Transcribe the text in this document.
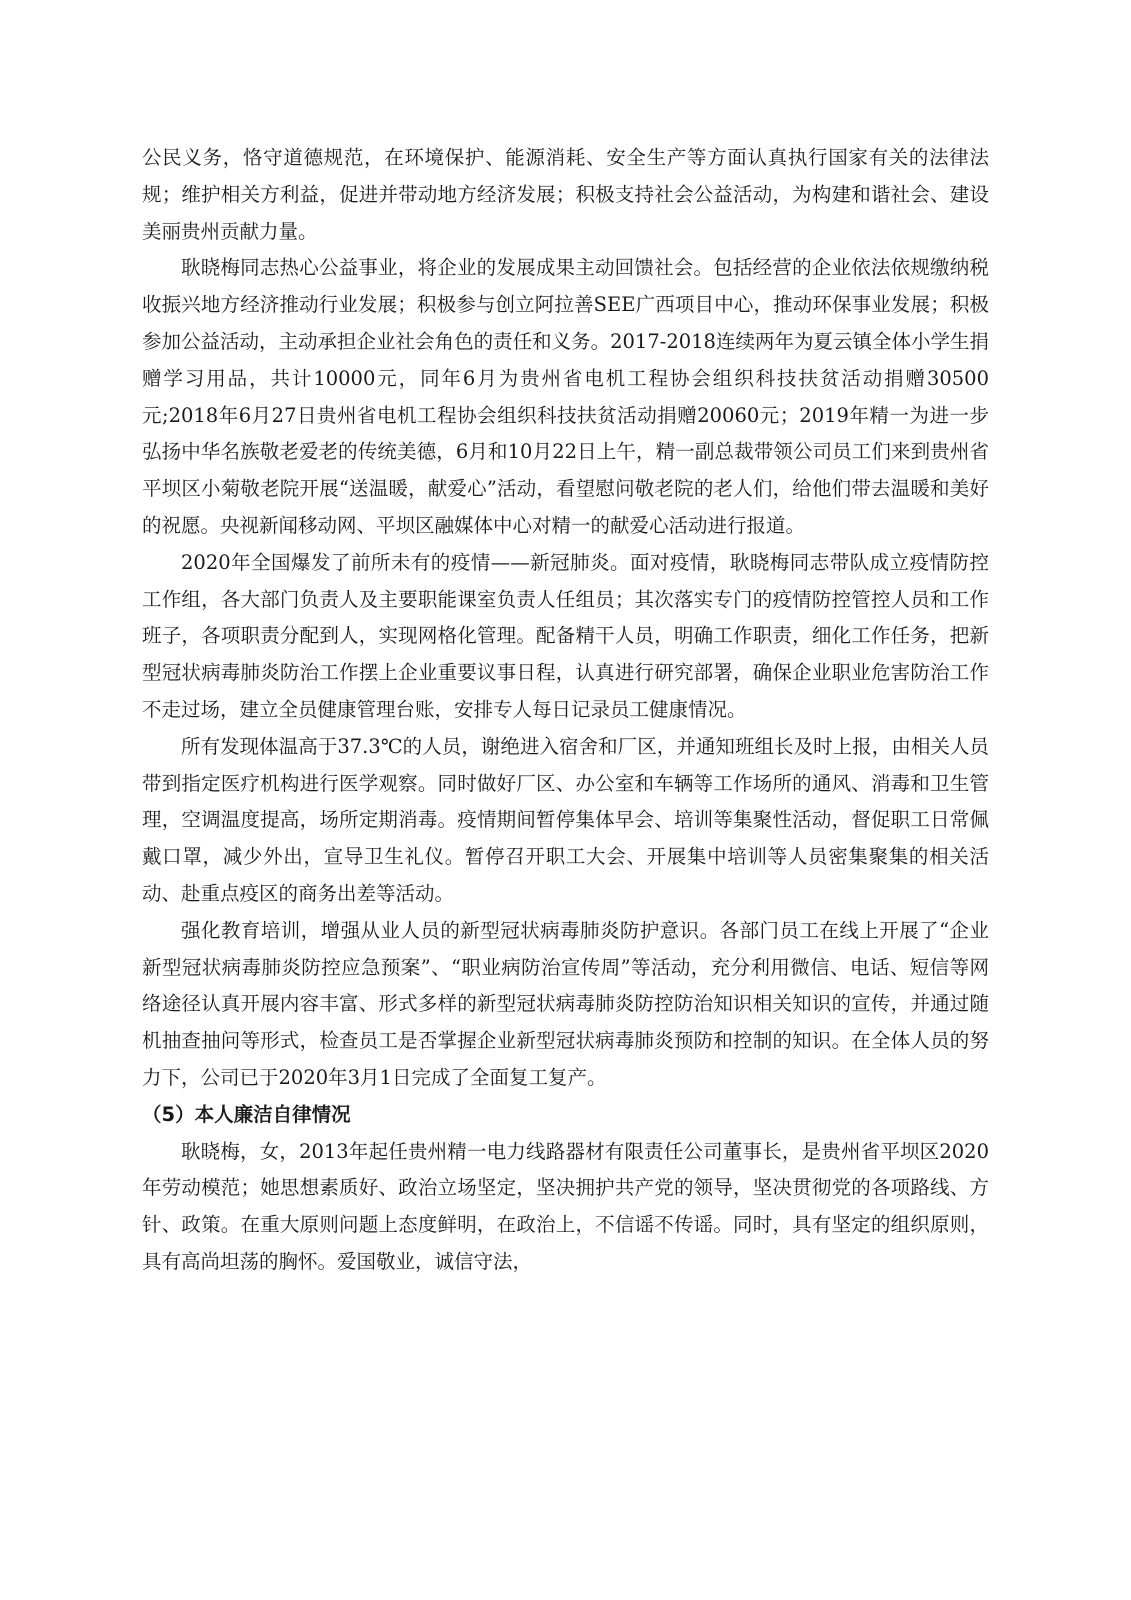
公民义务，恪守道德规范，在环境保护、能源消耗、安全生产等方面认真执行国家有关的法律法规；维护相关方利益，促进并带动地方经济发展；积极支持社会公益活动，为构建和谐社会、建设美丽贵州贡献力量。

耿晓梅同志热心公益事业，将企业的发展成果主动回馈社会。包括经营的企业依法依规缴纳税收振兴地方经济推动行业发展；积极参与创立阿拉善SEE广西项目中心，推动环保事业发展；积极参加公益活动，主动承担企业社会角色的责任和义务。2017-2018连续两年为夏云镇全体小学生捐赠学习用品，共计10000元，同年6月为贵州省电机工程协会组织科技扶贫活动捐赠30500元;2018年6月27日贵州省电机工程协会组织科技扶贫活动捐赠20060元；2019年精一为进一步弘扬中华名族敬老爱老的传统美德，6月和10月22日上午，精一副总裁带领公司员工们来到贵州省平坝区小菊敬老院开展“送温暖，献爱心”活动，看望慰问敬老院的老人们，给他们带去温暖和美好的祝愿。央视新闻移动网、平坝区融媒体中心对精一的献爱心活动进行报道。

2020年全国爆发了前所未有的疫情——新冠肺炎。面对疫情，耿晓梅同志带队成立疫情防控工作组，各大部门负责人及主要职能课室负责人任组员；其次落实专门的疫情防控管控人员和工作班子，各项职责分配到人，实现网格化管理。配备精干人员，明确工作职责，细化工作任务，把新型冠状病毒肺炎防治工作摆上企业重要议事日程，认真进行研究部署，确保企业职业危害防治工作不走过场，建立全员健康管理台账，安排专人每日记录员工健康情况。

所有发现体温高于37.3℃的人员，谢绝进入宿舍和厂区，并通知班组长及时上报，由相关人员带到指定医疗机构进行医学观察。同时做好厂区、办公室和车辆等工作场所的通风、消毒和卫生管理，空调温度提高，场所定期消毒。疫情期间暂停集体早会、培训等集聚性活动，督促职工日常佩戴口罩，减少外出，宣导卫生礼仪。暂停召开职工大会、开展集中培训等人员密集聚集的相关活动、赴重点疫区的商务出差等活动。

强化教育培训，增强从业人员的新型冠状病毒肺炎防护意识。各部门员工在线上开展了“企业新型冠状病毒肺炎防控应急预案”、“职业病防治宣传周”等活动，充分利用微信、电话、短信等网络途径认真开展内容丰富、形式多样的新型冠状病毒肺炎防控防治知识相关知识的宣传，并通过随机抽查抽问等形式，检查员工是否掌握企业新型冠状病毒肺炎预防和控制的知识。在全体人员的努力下，公司已于2020年3月1日完成了全面复工复产。

（5）本人廉洁自律情况

耿晓梅，女，2013年起任贵州精一电力线路器材有限责任公司董事长，是贵州省平坝区2020年劳动模范；她思想素质好、政治立场坚定，坚决拥护共产党的领导，坚决贯彻党的各项路线、方针、政策。在重大原则问题上态度鲜明，在政治上，不信谣不传谣。同时，具有坚定的组织原则，具有高尚坦荡的胸怀。爱国敬业，诚信守法，
